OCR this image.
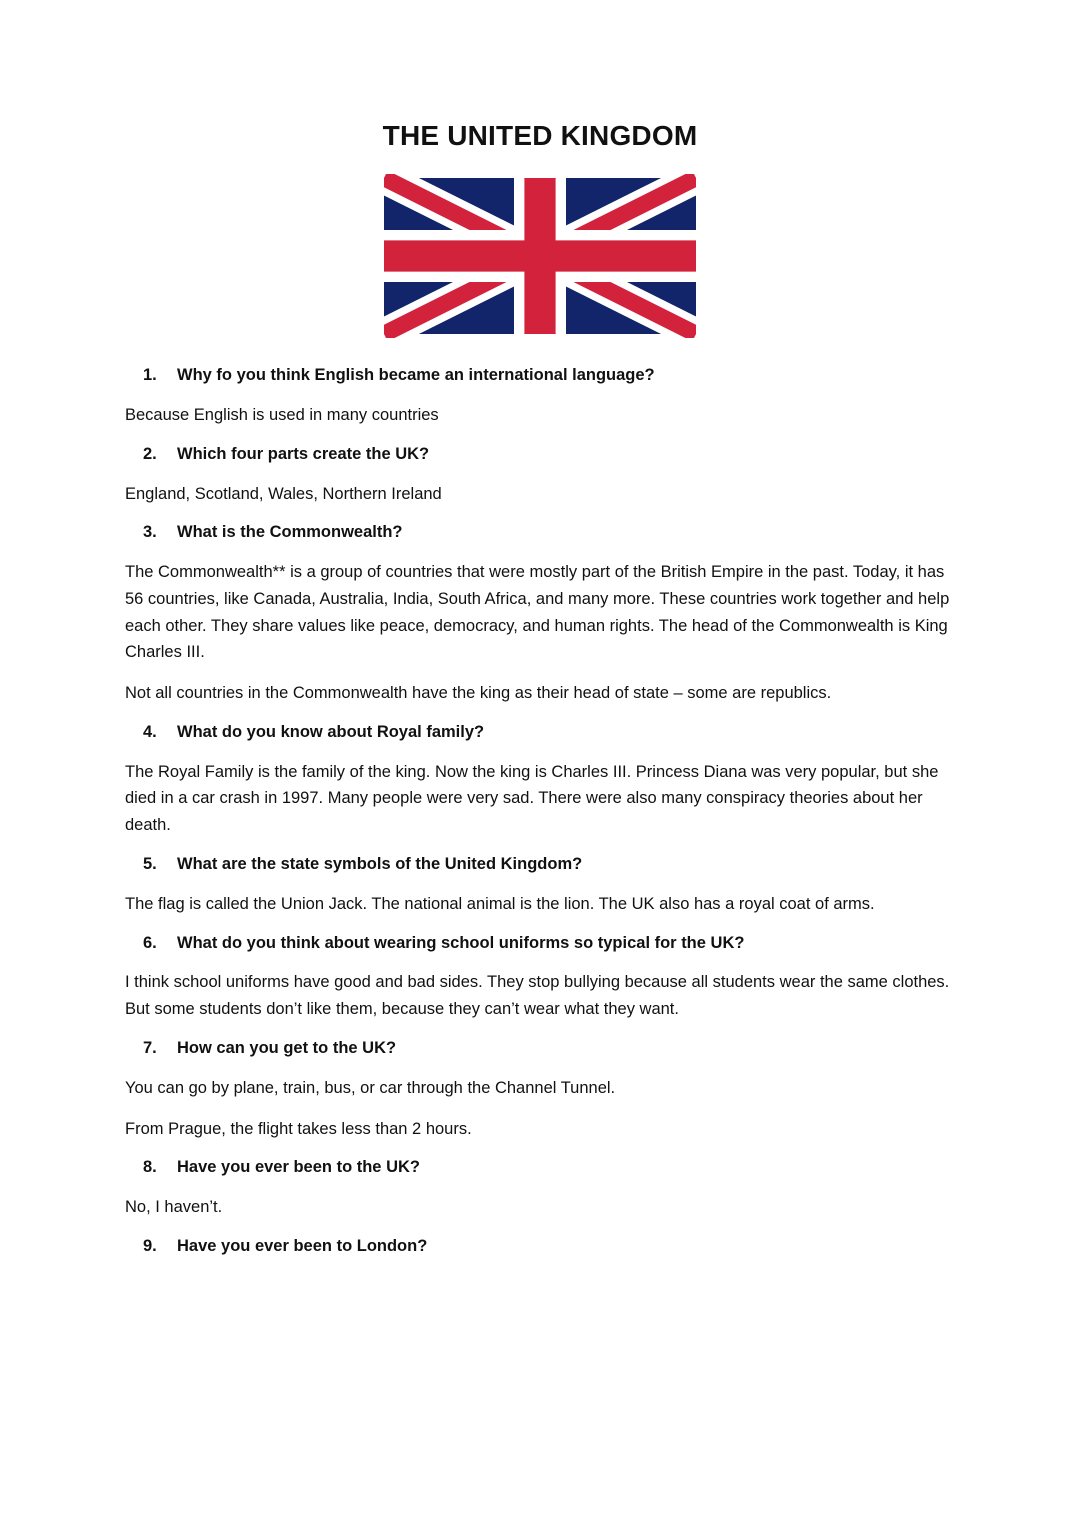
THE UNITED KINGDOM

1. Why fo you think English became an international language?

Because English is used in many countries

2. Which four parts create the UK?

England, Scotland, Wales, Northern Ireland

3. What is the Commonwealth?

The Commonwealth** is a group of countries that were mostly part of the British Empire in the past. Today, it has 56 countries, like Canada, Australia, India, South Africa, and many more. These countries work together and help each other. They share values like peace, democracy, and human rights. The head of the Commonwealth is King Charles III.

Not all countries in the Commonwealth have the king as their head of state – some are republics.

4. What do you know about Royal family?

The Royal Family is the family of the king. Now the king is Charles III. Princess Diana was very popular, but she died in a car crash in 1997. Many people were very sad. There were also many conspiracy theories about her death.

5. What are the state symbols of the United Kingdom?

The flag is called the Union Jack. The national animal is the lion. The UK also has a royal coat of arms.

6. What do you think about wearing school uniforms so typical for the UK?

I think school uniforms have good and bad sides. They stop bullying because all students wear the same clothes. But some students don’t like them, because they can’t wear what they want.

7. How can you get to the UK?

You can go by plane, train, bus, or car through the Channel Tunnel.

From Prague, the flight takes less than 2 hours.

8. Have you ever been to the UK?

No, I haven’t.

9. Have you ever been to London?
